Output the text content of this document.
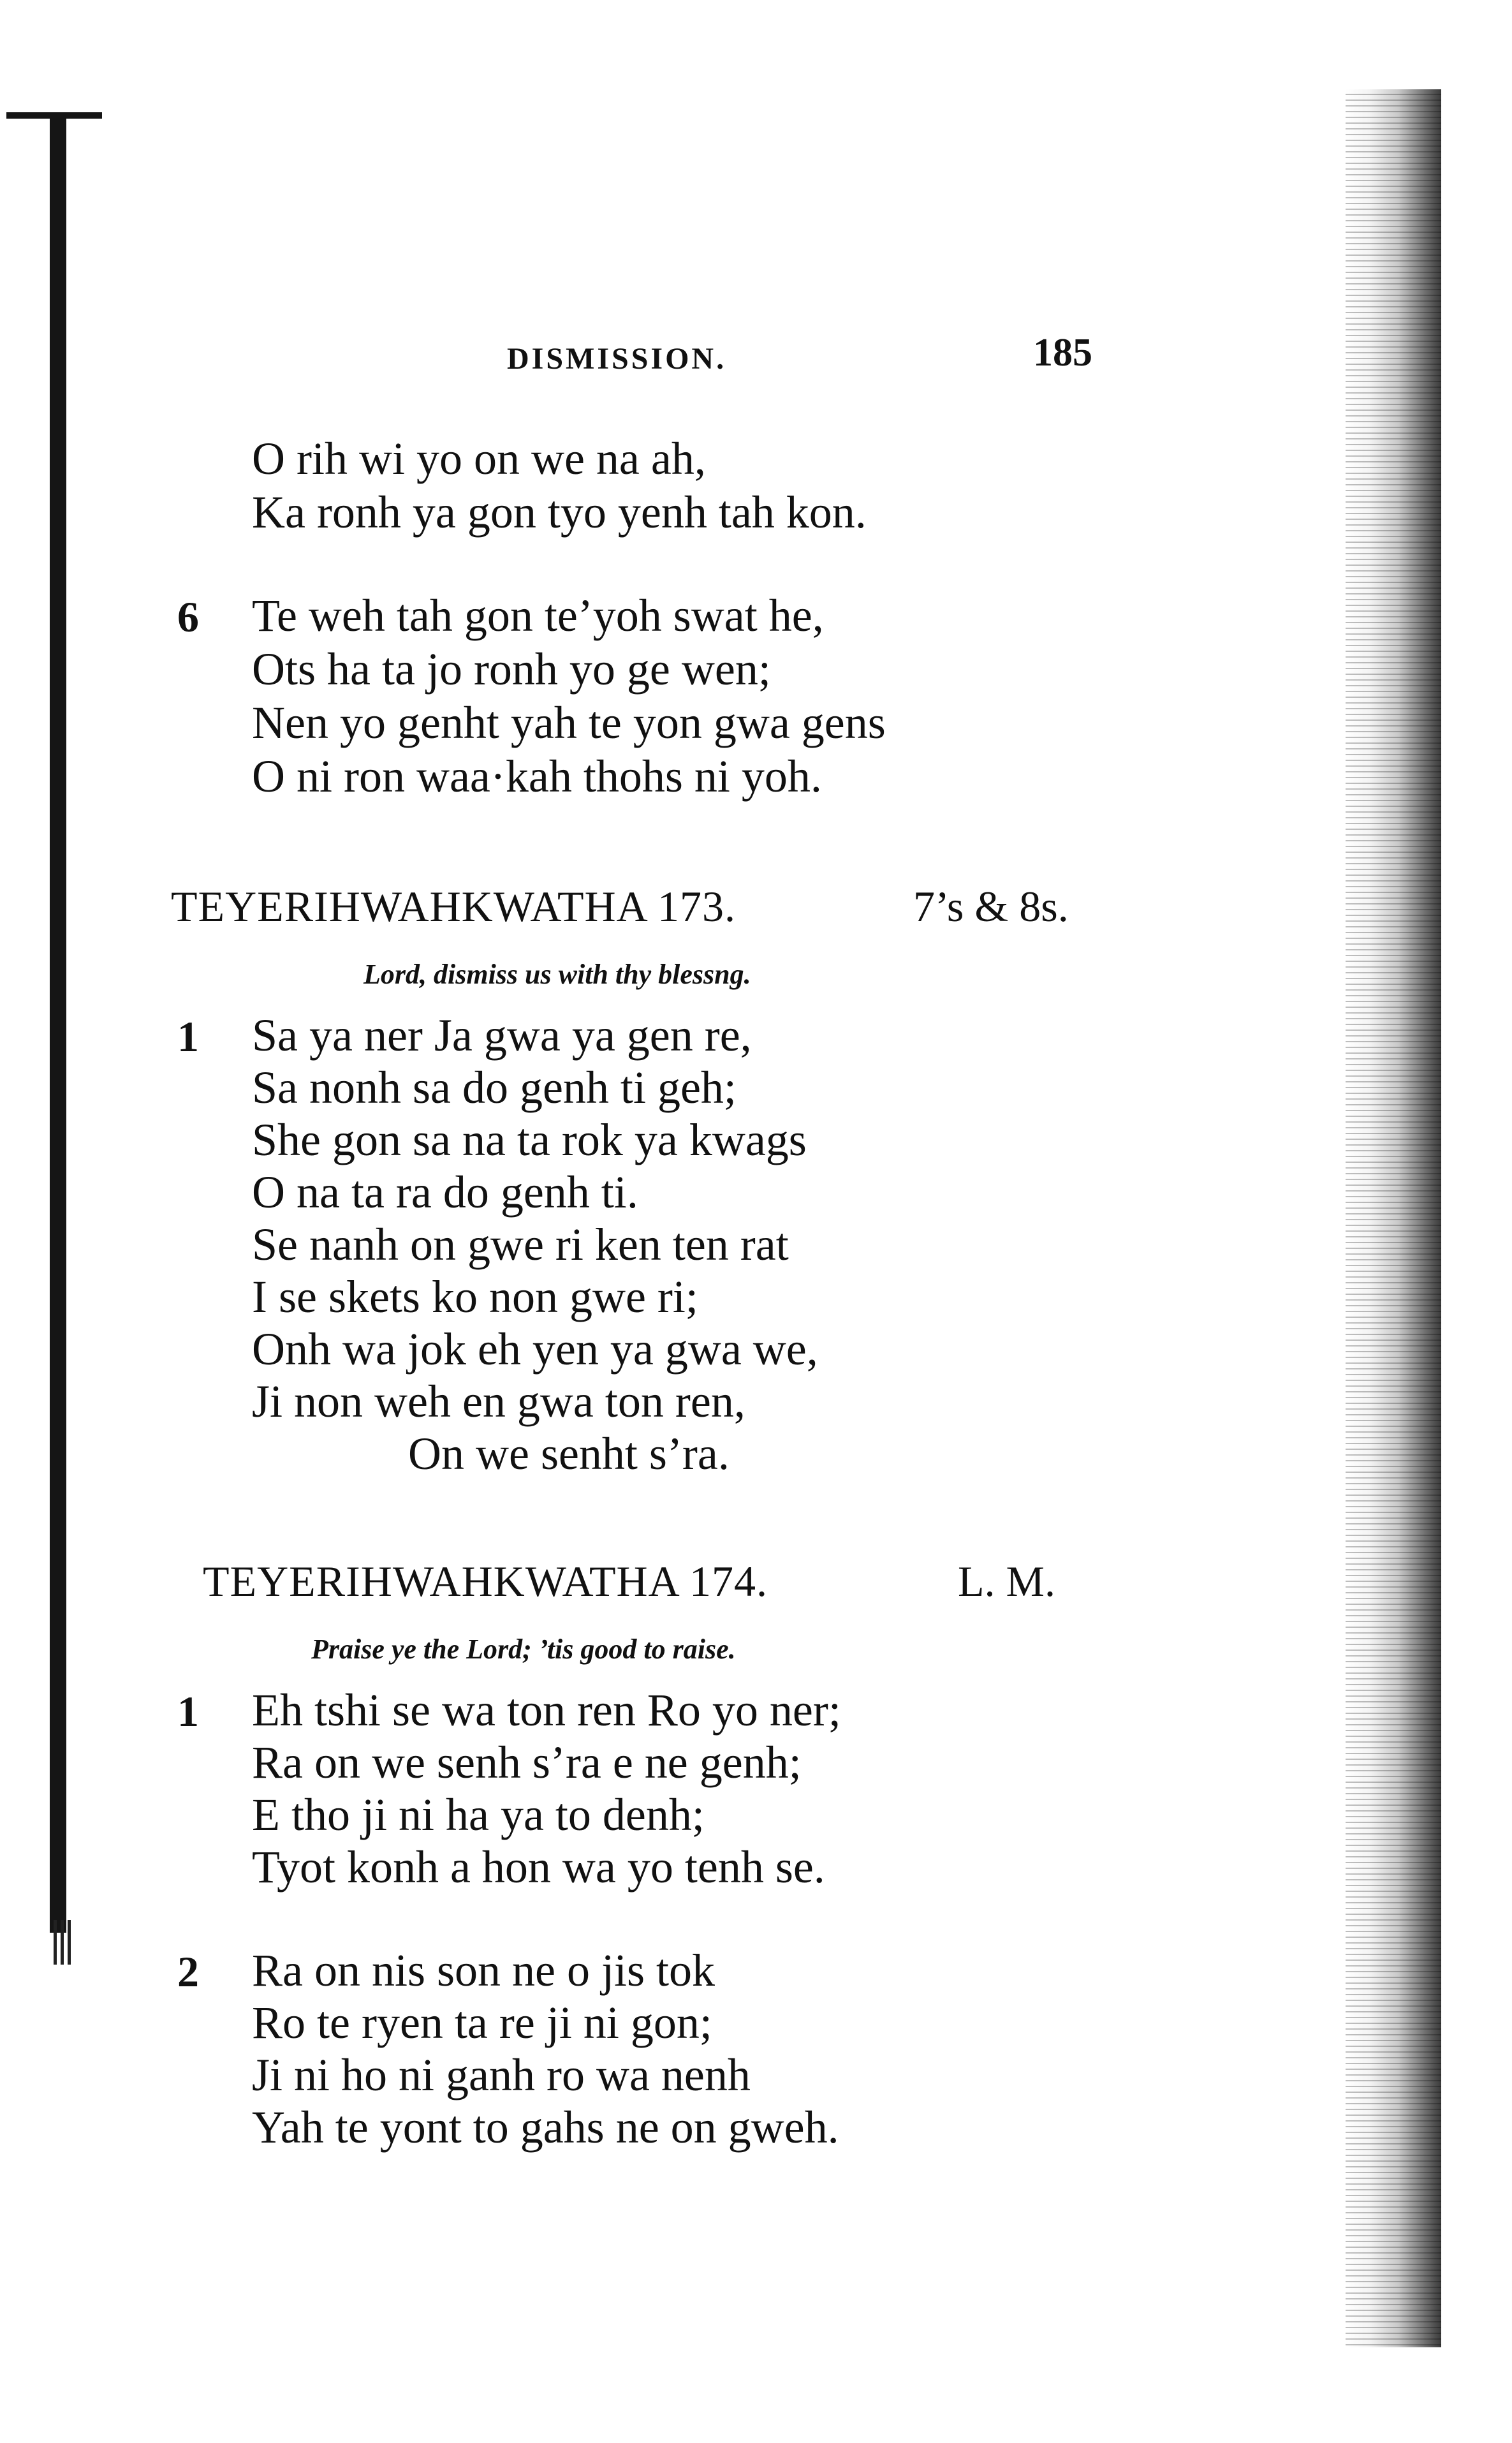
DISMISSION.	185
O rih wi yo on we na ah,
Ka ronh ya gon tyo yenh tah kon.
6 Te weh tah gon te’yoh swat he,
Ots ha ta jo ronh yo ge wen;
Nen yo genht yah te yon gwa gens
O ni ron waa·kah thohs ni yoh.
TEYERIHWAHKWATHA 173.	7’s & 8s.
Lord, dismiss us with thy blessng.
1 Sa ya ner Ja gwa ya gen re,
Sa nonh sa do genh ti geh;
She gon sa na ta rok ya kwags
O na ta ra do genh ti.
Se nanh on gwe ri ken ten rat
I se skets ko non gwe ri;
Onh wa jok eh yen ya gwa we,
Ji non weh en gwa ton ren,
On we senht s’ra.
TEYERIHWAHKWATHA 174.	L. M.
Praise ye the Lord; ’tis good to raise.
1 Eh tshi se wa ton ren Ro yo ner;
Ra on we senh s’ra e ne genh;
E tho ji ni ha ya to denh;
Tyot konh a hon wa yo tenh se.
2 Ra on nis son ne o jis tok
Ro te ryen ta re ji ni gon;
Ji ni ho ni ganh ro wa nenh
Yah te yont to gahs ne on gweh.
